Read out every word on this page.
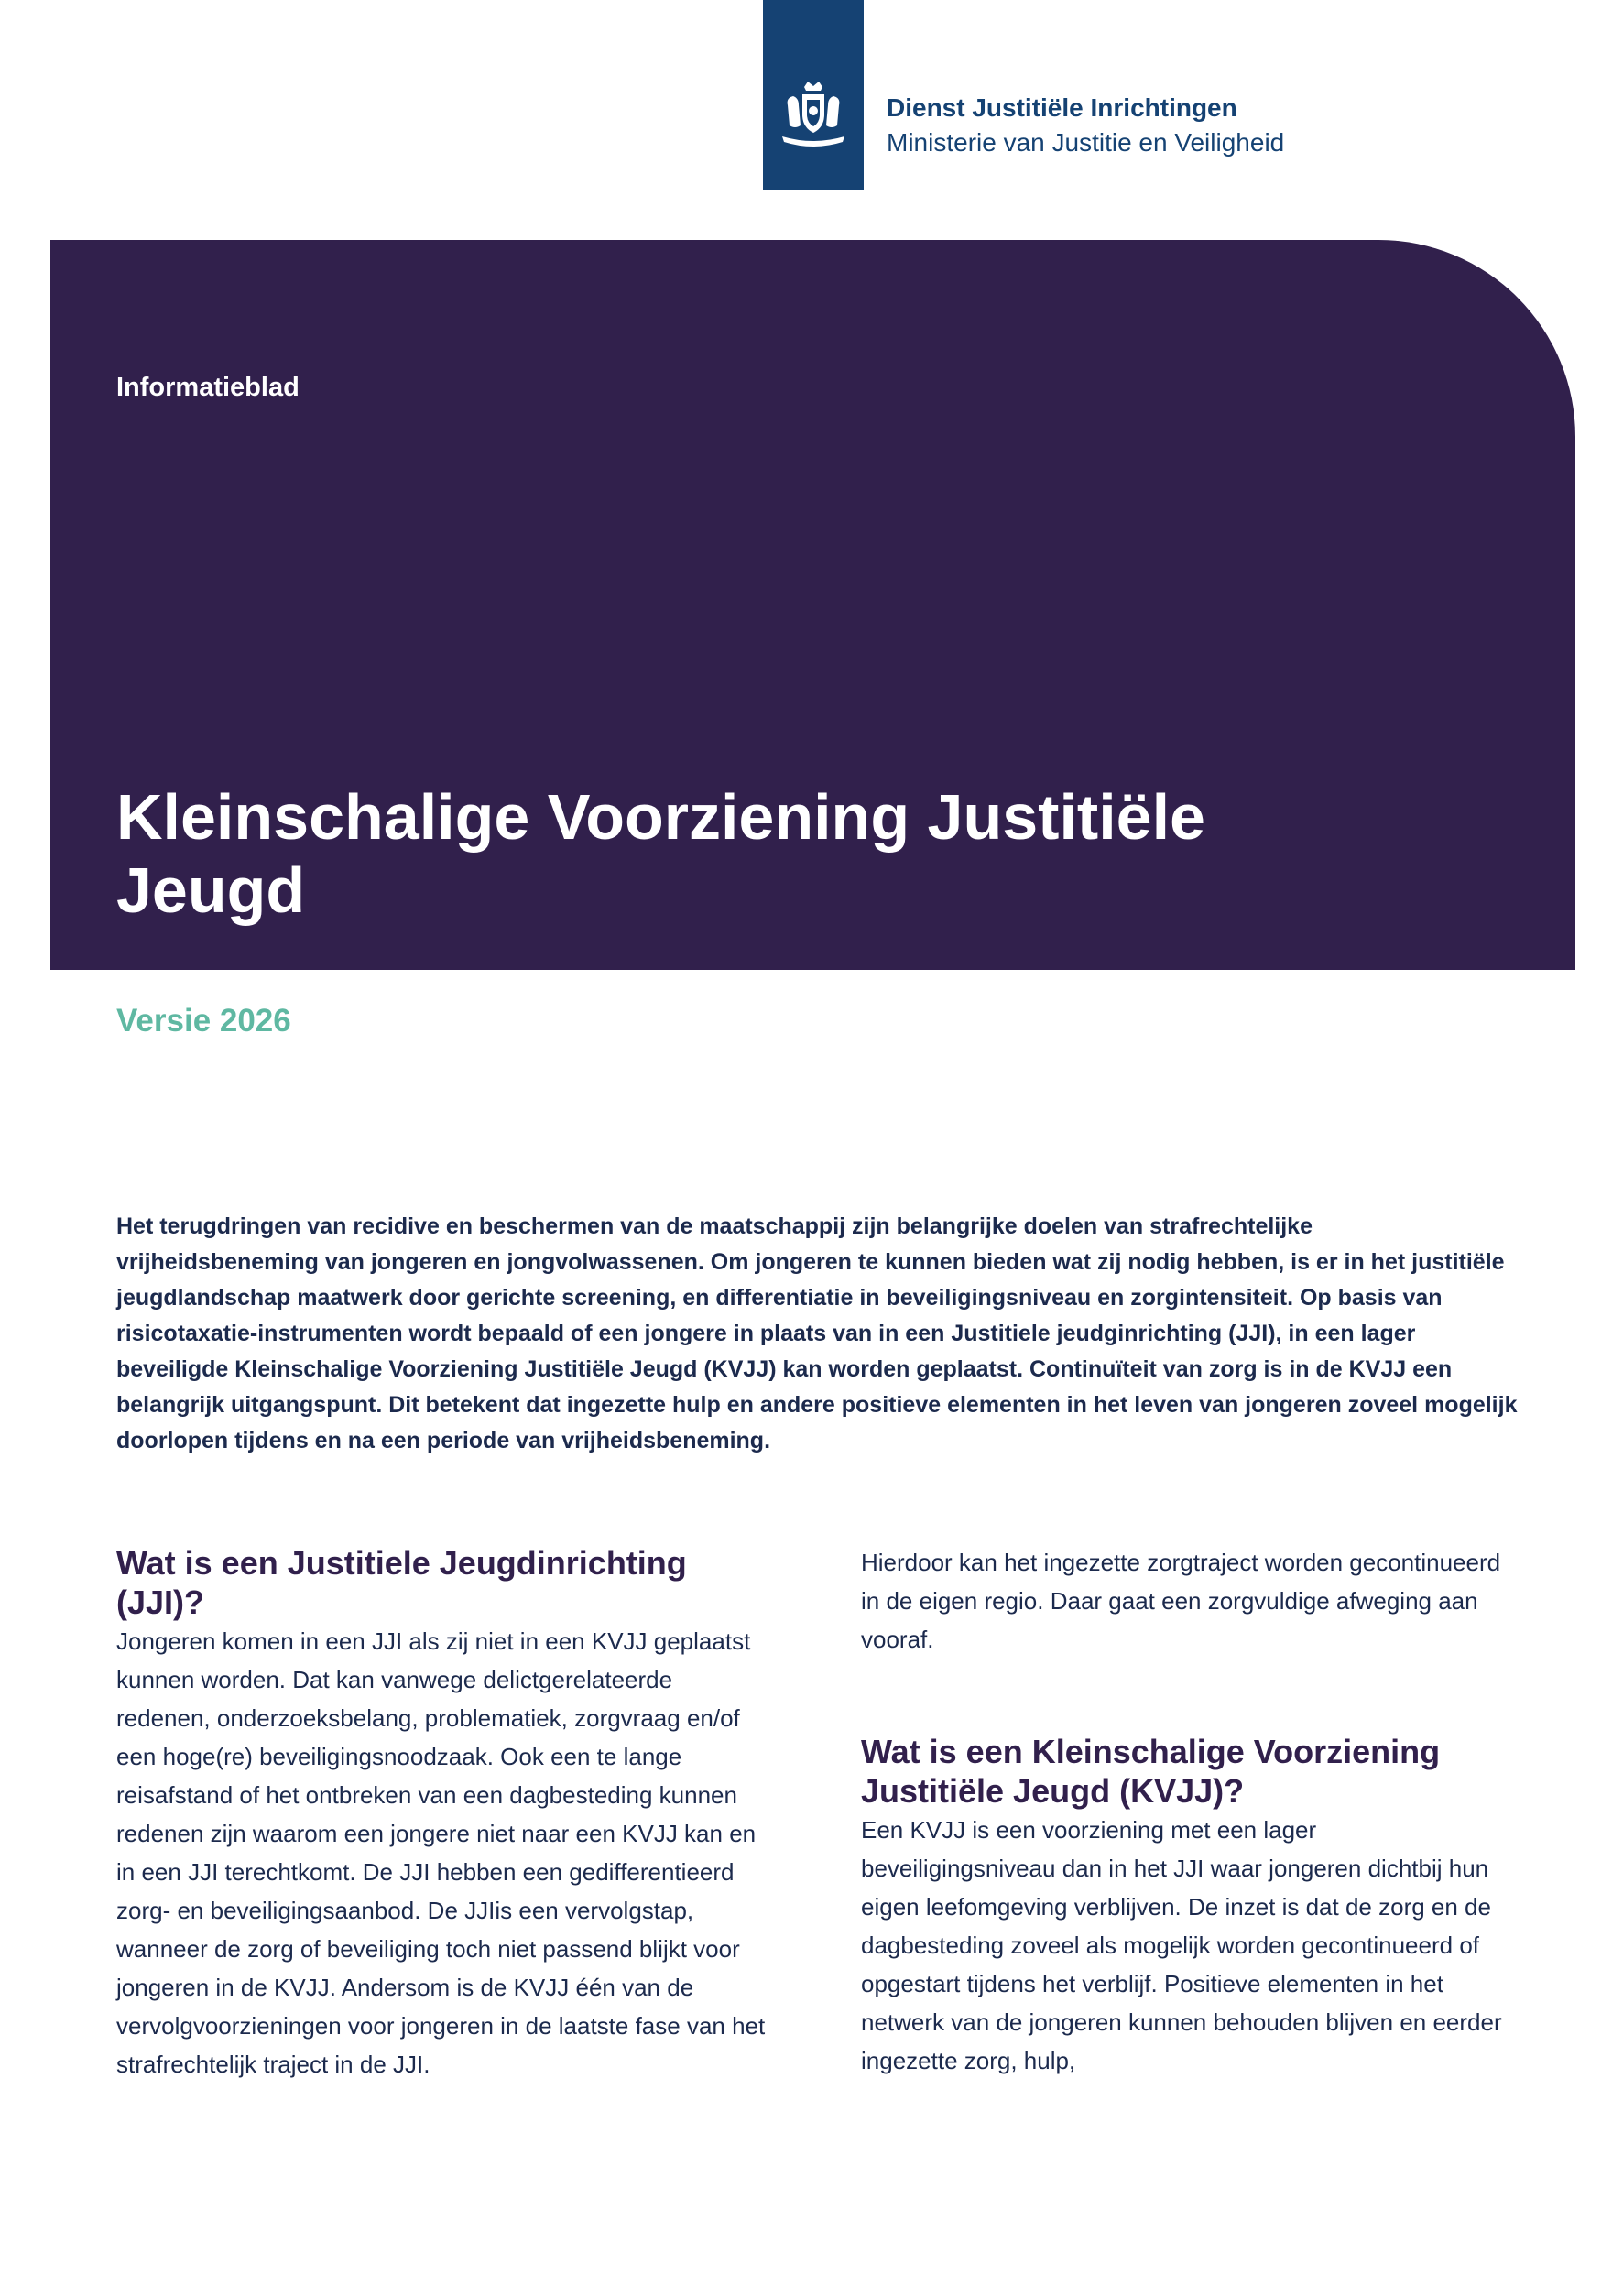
Dienst Justitiële Inrichtingen
Ministerie van Justitie en Veiligheid
Informatieblad
Kleinschalige Voorziening Justitiële Jeugd
Versie 2026

Het terugdringen van recidive en beschermen van de maatschappij zijn belangrijke doelen van strafrechtelijke vrijheidsbeneming van jongeren en jongvolwassenen. Om jongeren te kunnen bieden wat zij nodig hebben, is er in het justitiële jeugdlandschap maatwerk door gerichte screening, en differentiatie in beveiligingsniveau en zorgintensiteit. Op basis van risicotaxatie-instrumenten wordt bepaald of een jongere in plaats van in een Justitiele jeudginrichting (JJI), in een lager beveiligde Kleinschalige Voorziening Justitiële Jeugd (KVJJ) kan worden geplaatst. Continuïteit van zorg is in de KVJJ een belangrijk uitgangspunt. Dit betekent dat ingezette hulp en andere positieve elementen in het leven van jongeren zoveel mogelijk doorlopen tijdens en na een periode van vrijheidsbeneming.

Wat is een Justitiele Jeugdinrichting (JJI)?

Jongeren komen in een JJI als zij niet in een KVJJ geplaatst kunnen worden. Dat kan vanwege delictgerelateerde redenen, onderzoeksbelang, problematiek, zorgvraag en/of een hoge(re) beveiligingsnoodzaak. Ook een te lange reisafstand of het ontbreken van een dagbesteding kunnen redenen zijn waarom een jongere niet naar een KVJJ kan en in een JJI terechtkomt. De JJI hebben een gedifferentieerd zorg- en beveiligingsaanbod. De JJIis een vervolgstap, wanneer de zorg of beveiliging toch niet passend blijkt voor jongeren in de KVJJ. Andersom is de KVJJ één van de vervolgvoorzieningen voor jongeren in de laatste fase van het strafrechtelijk traject in de JJI.

Hierdoor kan het ingezette zorgtraject worden gecontinueerd in de eigen regio. Daar gaat een zorgvuldige afweging aan vooraf.

Wat is een Kleinschalige Voorziening Justitiële Jeugd (KVJJ)?

Een KVJJ is een voorziening met een lager beveiligingsniveau dan in het JJI waar jongeren dichtbij hun eigen leefomgeving verblijven. De inzet is dat de zorg en de dagbesteding zoveel als mogelijk worden gecontinueerd of opgestart tijdens het verblijf. Positieve elementen in het netwerk van de jongeren kunnen behouden blijven en eerder ingezette zorg, hulp,
